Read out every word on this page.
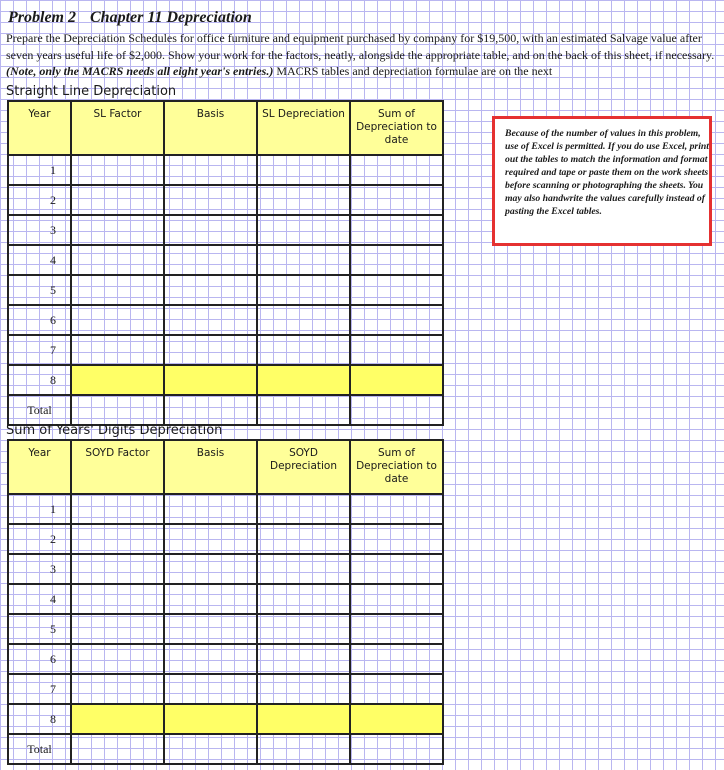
Problem 2 Chapter 11 Depreciation
Prepare the Depreciation Schedules for office furniture and equipment purchased by company for $19,500, with an estimated Salvage value after seven years useful life of $2,000. Show your work for the factors, neatly, alongside the appropriate table, and on the back of this sheet, if necessary. (Note, only the MACRS needs all eight year's entries.) MACRS tables and depreciation formulae are on the next
Straight Line Depreciation
Year	SL Factor	Basis	SL Depreciation	Sum of Depreciation to date
1				
2				
3				
4				
5				
6				
7				
8				
Total				
Sum of Years' Digits Depreciation
Year	SOYD Factor	Basis	SOYD Depreciation	Sum of Depreciation to date
1				
2				
3				
4				
5				
6				
7				
8				
Total				
Because of the number of values in this problem, use of Excel is permitted. If you do use Excel, print out the tables to match the information and format required and tape or paste them on the work sheets before scanning or photographing the sheets. You may also handwrite the values carefully instead of pasting the Excel tables.
